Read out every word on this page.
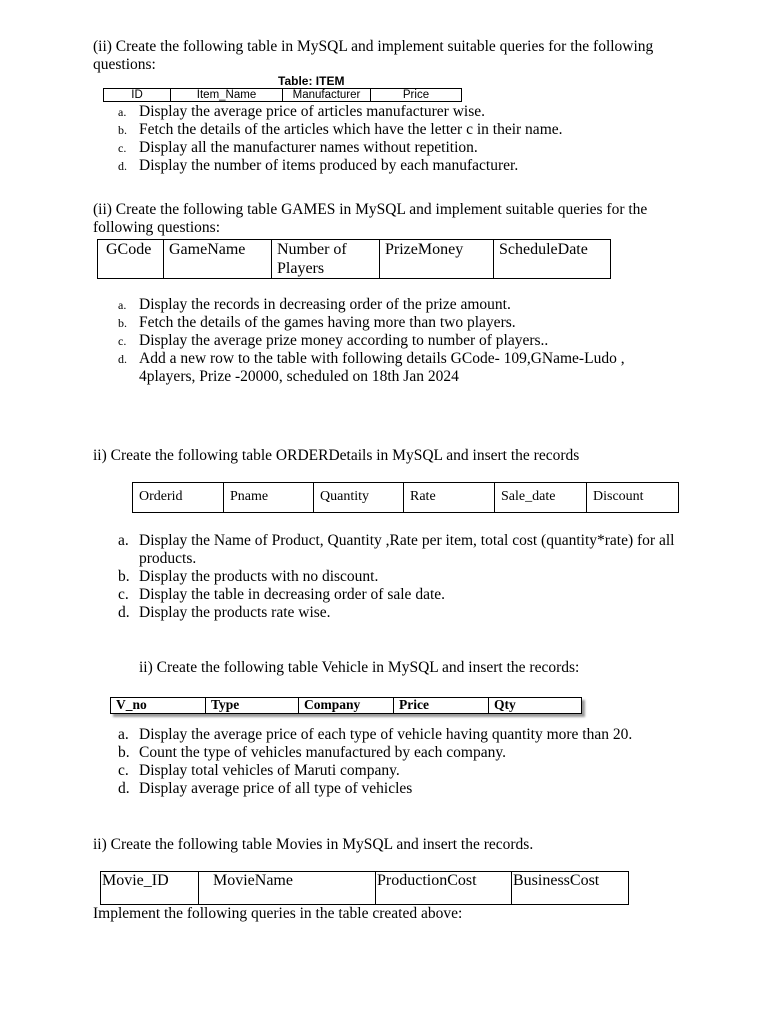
(ii) Create the following table in MySQL and implement suitable queries for the following questions:
Table: ITEM
ID	Item_Name	Manufacturer	Price
a. Display the average price of articles manufacturer wise.
b. Fetch the details of the articles which have the letter c in their name.
c. Display all the manufacturer names without repetition.
d. Display the number of items produced by each manufacturer.
(ii) Create the following table GAMES in MySQL and implement suitable queries for the following questions:
GCode	GameName	Number of Players	PrizeMoney	ScheduleDate
a. Display the records in decreasing order of the prize amount.
b. Fetch the details of the games having more than two players.
c. Display the average prize money according to number of players..
d. Add a new row to the table with following details GCode- 109,GName-Ludo , 4players, Prize -20000, scheduled on 18th Jan 2024
ii) Create the following table ORDERDetails in MySQL and insert the records
Orderid	Pname	Quantity	Rate	Sale_date	Discount
a. Display the Name of Product, Quantity ,Rate per item, total cost (quantity*rate) for all products.
b. Display the products with no discount.
c. Display the table in decreasing order of sale date.
d. Display the products rate wise.
ii) Create the following table Vehicle in MySQL and insert the records:
V_no	Type	Company	Price	Qty
a. Display the average price of each type of vehicle having quantity more than 20.
b. Count the type of vehicles manufactured by each company.
c. Display total vehicles of Maruti company.
d. Display average price of all type of vehicles
ii) Create the following table Movies in MySQL and insert the records.
Movie_ID	MovieName	ProductionCost	BusinessCost
Implement the following queries in the table created above:
